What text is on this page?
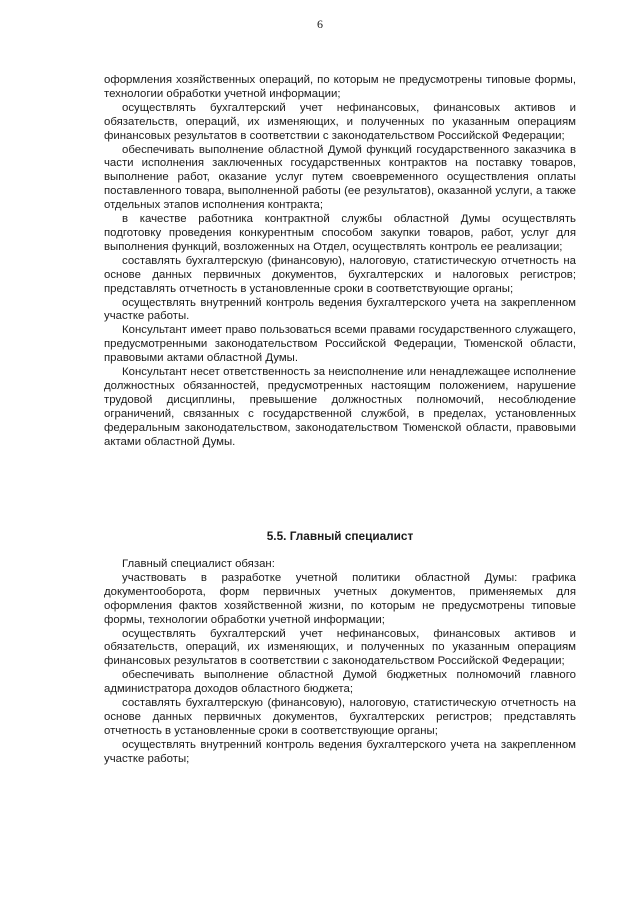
6

оформления хозяйственных операций, по которым не предусмотрены типовые формы, технологии обработки учетной информации;

осуществлять бухгалтерский учет нефинансовых, финансовых активов и обязательств, операций, их изменяющих, и полученных по указанным операциям финансовых результатов в соответствии с законодательством Российской Федерации;

обеспечивать выполнение областной Думой функций государственного заказчика в части исполнения заключенных государственных контрактов на поставку товаров, выполнение работ, оказание услуг путем своевременного осуществления оплаты поставленного товара, выполненной работы (ее результатов), оказанной услуги, а также отдельных этапов исполнения контракта;

в качестве работника контрактной службы областной Думы осуществлять подготовку проведения конкурентным способом закупки товаров, работ, услуг для выполнения функций, возложенных на Отдел, осуществлять контроль ее реализации;

составлять бухгалтерскую (финансовую), налоговую, статистическую отчетность на основе данных первичных документов, бухгалтерских и налоговых регистров; представлять отчетность в установленные сроки в соответствующие органы;

осуществлять внутренний контроль ведения бухгалтерского учета на закрепленном участке работы.

Консультант имеет право пользоваться всеми правами государственного служащего, предусмотренными законодательством Российской Федерации, Тюменской области, правовыми актами областной Думы.

Консультант несет ответственность за неисполнение или ненадлежащее исполнение должностных обязанностей, предусмотренных настоящим положением, нарушение трудовой дисциплины, превышение должностных полномочий, несоблюдение ограничений, связанных с государственной службой, в пределах, установленных федеральным законодательством, законодательством Тюменской области, правовыми актами областной Думы.

5.5. Главный специалист

Главный специалист обязан:

участвовать в разработке учетной политики областной Думы: графика документооборота, форм первичных учетных документов, применяемых для оформления фактов хозяйственной жизни, по которым не предусмотрены типовые формы, технологии обработки учетной информации;

осуществлять бухгалтерский учет нефинансовых, финансовых активов и обязательств, операций, их изменяющих, и полученных по указанным операциям финансовых результатов в соответствии с законодательством Российской Федерации;

обеспечивать выполнение областной Думой бюджетных полномочий главного администратора доходов областного бюджета;

составлять бухгалтерскую (финансовую), налоговую, статистическую отчетность на основе данных первичных документов, бухгалтерских регистров; представлять отчетность в установленные сроки в соответствующие органы;

осуществлять внутренний контроль ведения бухгалтерского учета на закрепленном участке работы;
